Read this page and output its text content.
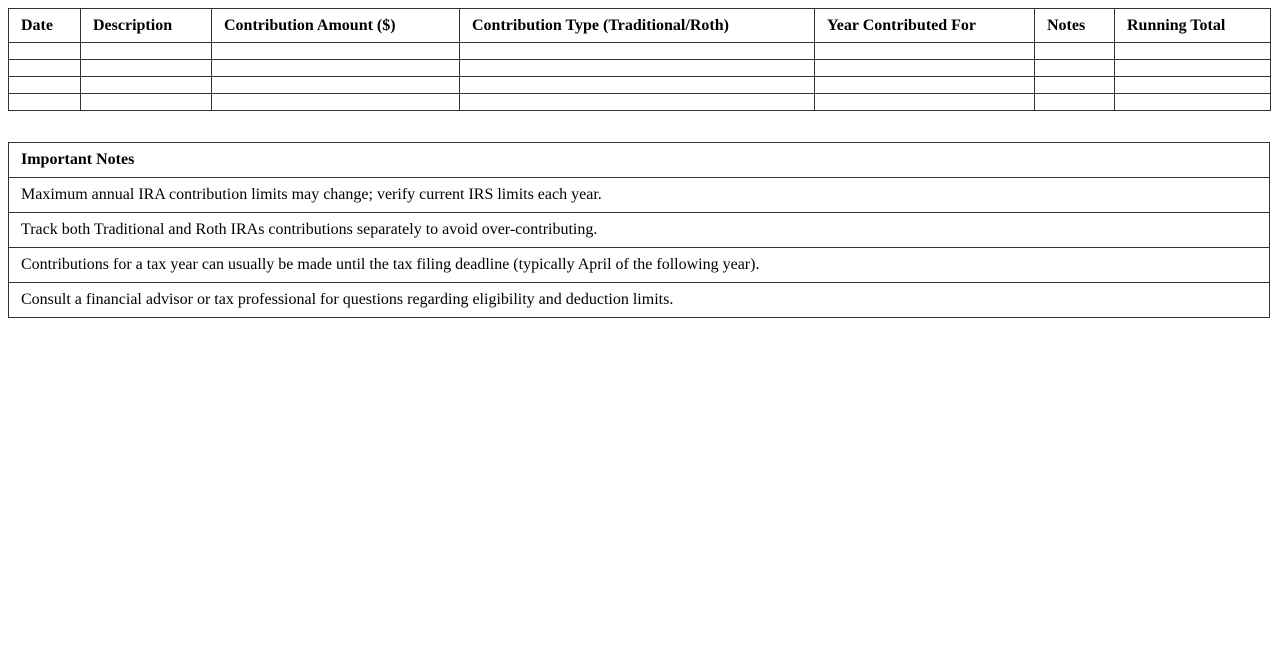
Date	Description	Contribution Amount ($)	Contribution Type (Traditional/Roth)	Year Contributed For	Notes	Running Total

Important Notes
Maximum annual IRA contribution limits may change; verify current IRS limits each year.
Track both Traditional and Roth IRAs contributions separately to avoid over-contributing.
Contributions for a tax year can usually be made until the tax filing deadline (typically April of the following year).
Consult a financial advisor or tax professional for questions regarding eligibility and deduction limits.
